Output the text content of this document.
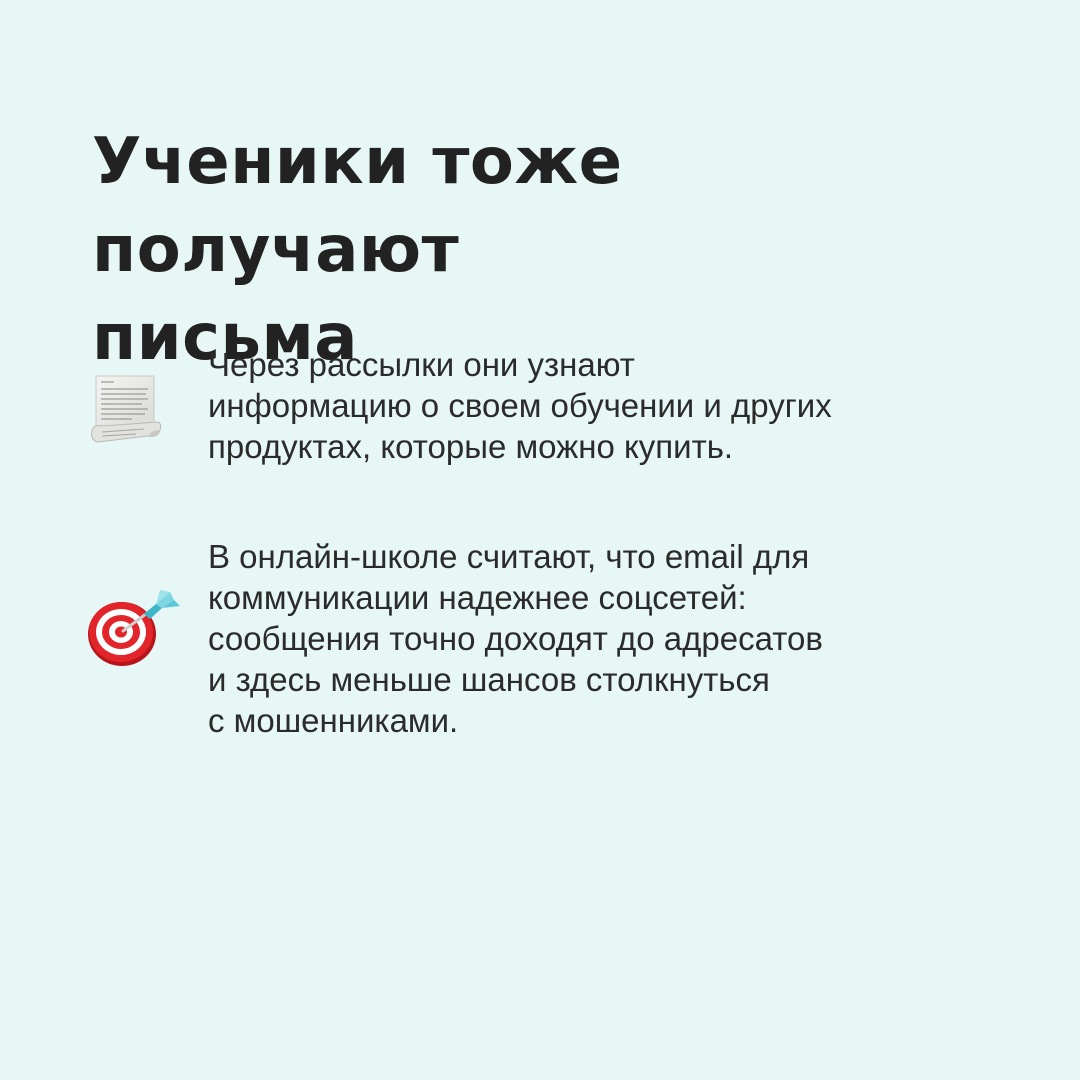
Ученики тоже получают
письма

Через рассылки они узнают
информацию о своем обучении и других
продуктах, которые можно купить.

В онлайн-школе считают, что email для
коммуникации надежнее соцсетей:
сообщения точно доходят до адресатов
и здесь меньше шансов столкнуться
с мошенниками.
